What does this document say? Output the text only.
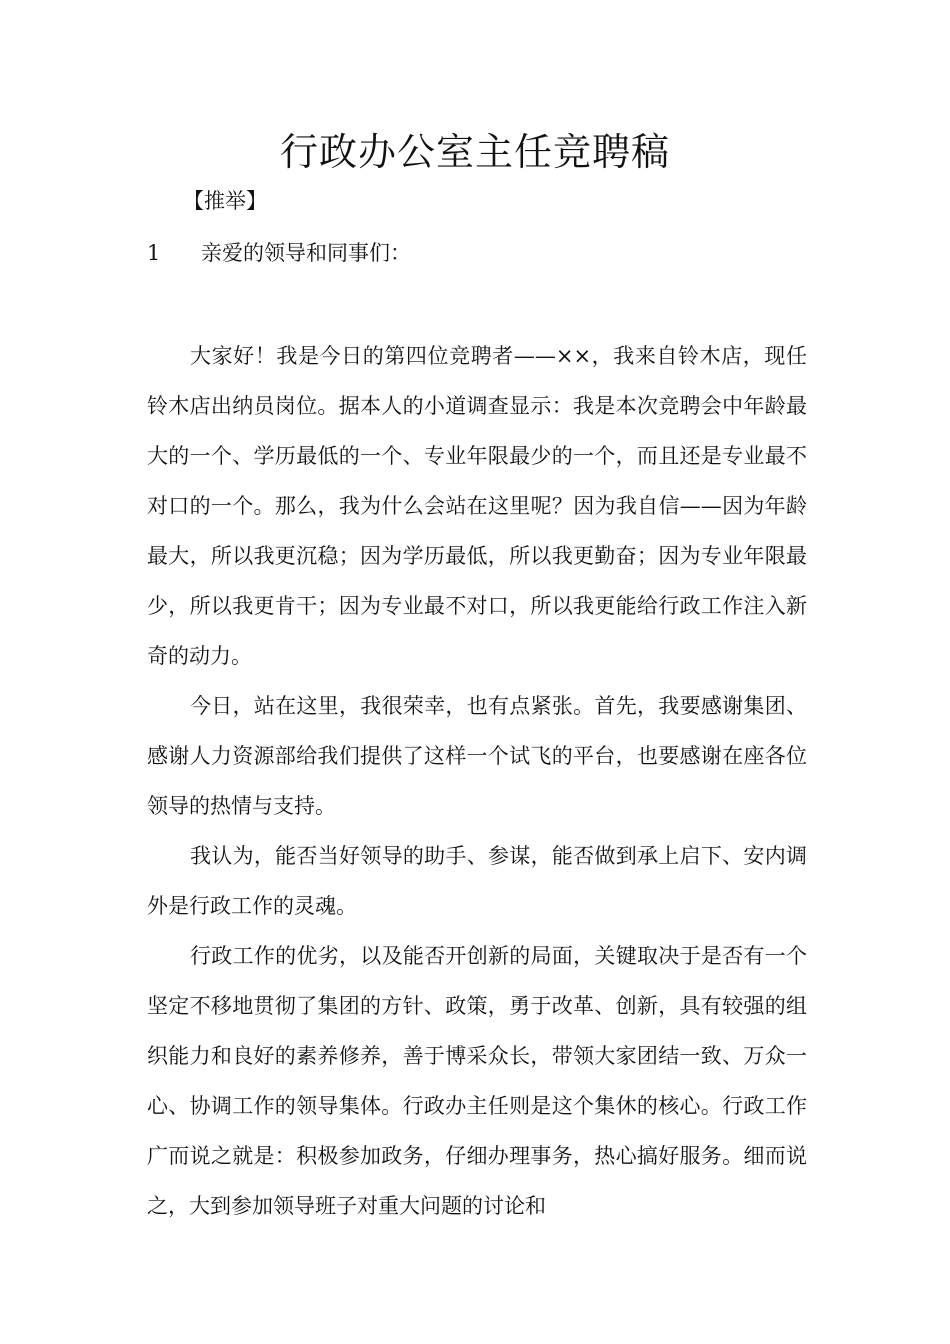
行政办公室主任竞聘稿
【推举】
1 亲爱的领导和同事们：

大家好！我是今日的第四位竞聘者——××，我来自铃木店，现任铃木店出纳员岗位。据本人的小道调查显示：我是本次竞聘会中年龄最大的一个、学历最低的一个、专业年限最少的一个，而且还是专业最不对口的一个。那么，我为什么会站在这里呢？因为我自信——因为年龄最大，所以我更沉稳；因为学历最低，所以我更勤奋；因为专业年限最少，所以我更肯干；因为专业最不对口，所以我更能给行政工作注入新奇的动力。

今日，站在这里，我很荣幸，也有点紧张。首先，我要感谢集团、感谢人力资源部给我们提供了这样一个试飞的平台，也要感谢在座各位领导的热情与支持。

我认为，能否当好领导的助手、参谋，能否做到承上启下、安内调外是行政工作的灵魂。

行政工作的优劣，以及能否开创新的局面，关键取决于是否有一个坚定不移地贯彻了集团的方针、政策，勇于改革、创新，具有较强的组织能力和良好的素养修养，善于博采众长，带领大家团结一致、万众一心、协调工作的领导集体。行政办主任则是这个集休的核心。行政工作广而说之就是：积极参加政务，仔细办理事务，热心搞好服务。细而说之，大到参加领导班子对重大问题的讨论和
